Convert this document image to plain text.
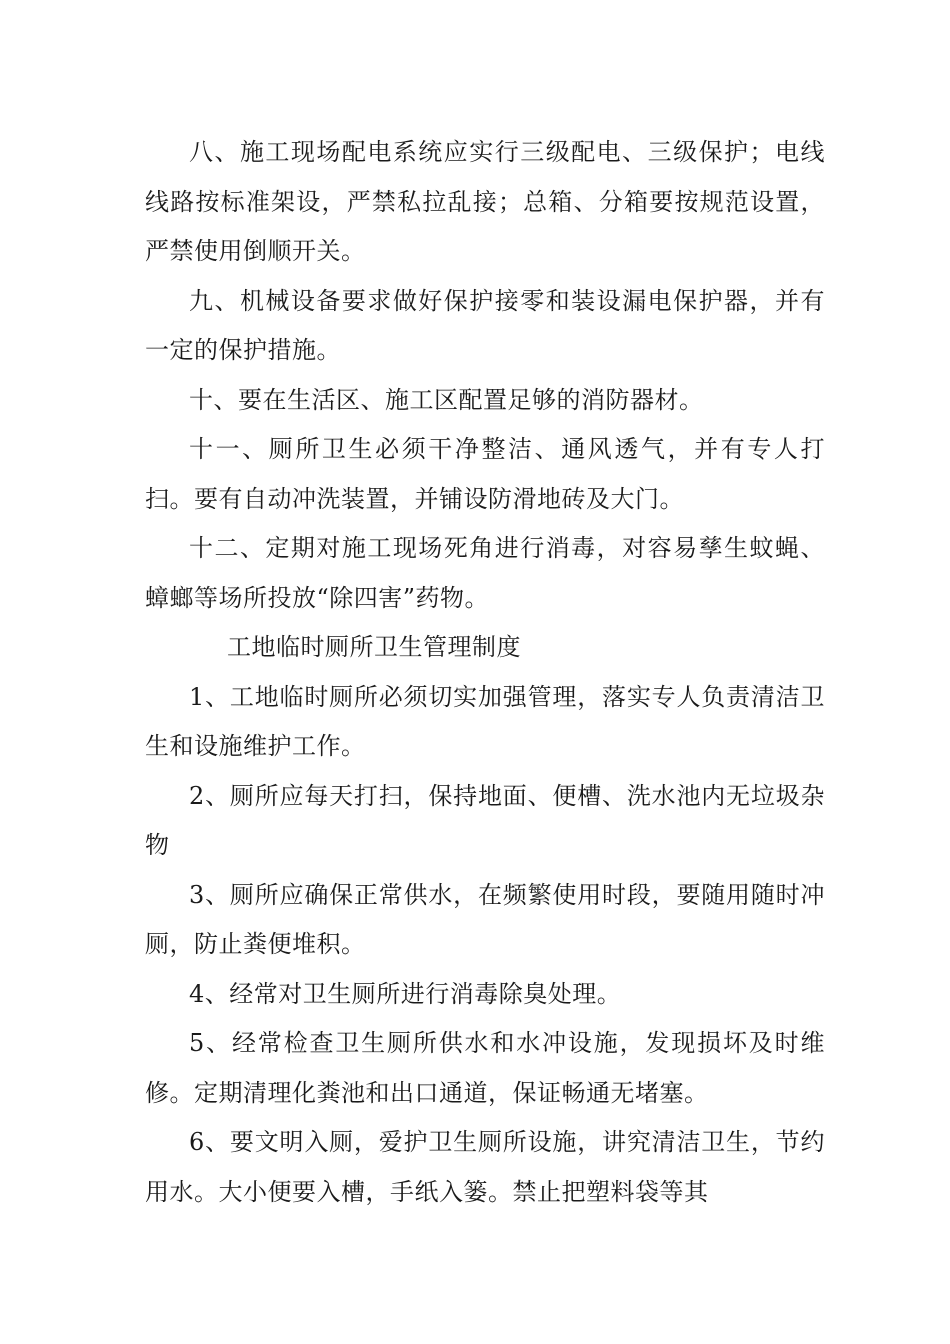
八、施工现场配电系统应实行三级配电、三级保护；电线线路按标准架设，严禁私拉乱接；总箱、分箱要按规范设置，严禁使用倒顺开关。

九、机械设备要求做好保护接零和装设漏电保护器，并有一定的保护措施。

十、要在生活区、施工区配置足够的消防器材。

十一、厕所卫生必须干净整洁、通风透气，并有专人打扫。要有自动冲洗装置，并铺设防滑地砖及大门。

十二、定期对施工现场死角进行消毒，对容易孳生蚊蝇、蟑螂等场所投放“除四害”药物。

工地临时厕所卫生管理制度

1、工地临时厕所必须切实加强管理，落实专人负责清洁卫生和设施维护工作。

2、厕所应每天打扫，保持地面、便槽、洗水池内无垃圾杂物

3、厕所应确保正常供水，在频繁使用时段，要随用随时冲厕，防止粪便堆积。

4、经常对卫生厕所进行消毒除臭处理。

5、经常检查卫生厕所供水和水冲设施，发现损坏及时维修。定期清理化粪池和出口通道，保证畅通无堵塞。

6、要文明入厕，爱护卫生厕所设施，讲究清洁卫生，节约用水。大小便要入槽，手纸入篓。禁止把塑料袋等其
